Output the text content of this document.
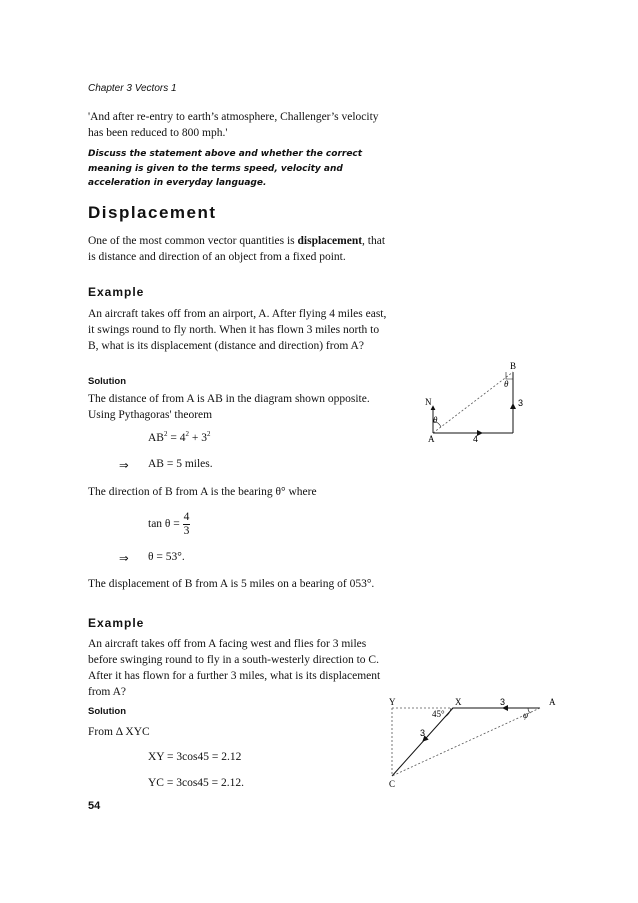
Chapter 3 Vectors 1
'And after re-entry to earth’s atmosphere, Challenger’s velocity has been reduced to 800 mph.'
Discuss the statement above and whether the correct meaning is given to the terms speed, velocity and acceleration in everyday language.
Displacement
One of the most common vector quantities is displacement, that is distance and direction of an object from a fixed point.
Example
An aircraft takes off from an airport, A. After flying 4 miles east, it swings round to fly north. When it has flown 3 miles north to B, what is its displacement (distance and direction) from A?
Solution
The distance of from A is AB in the diagram shown opposite. Using Pythagoras' theorem
$AB^2 = 4^2 + 3^2$
⇒ AB = 5 miles.
The direction of B from A is the bearing θ° where
$\tan \theta = \frac{4}{3}$
⇒ θ = 53°.
The displacement of B from A is 5 miles on a bearing of 053°.
Example
An aircraft takes off from A facing west and flies for 3 miles before swinging round to fly in a south-westerly direction to C. After it has flown for a further 3 miles, what is its displacement from A?
Solution
From Δ XYC
XY = 3cos45 = 2.12
YC = 3cos45 = 2.12.
54
B
θ
N
θ
A	4
3
Y	X	A
C
3
3
45°	φ
